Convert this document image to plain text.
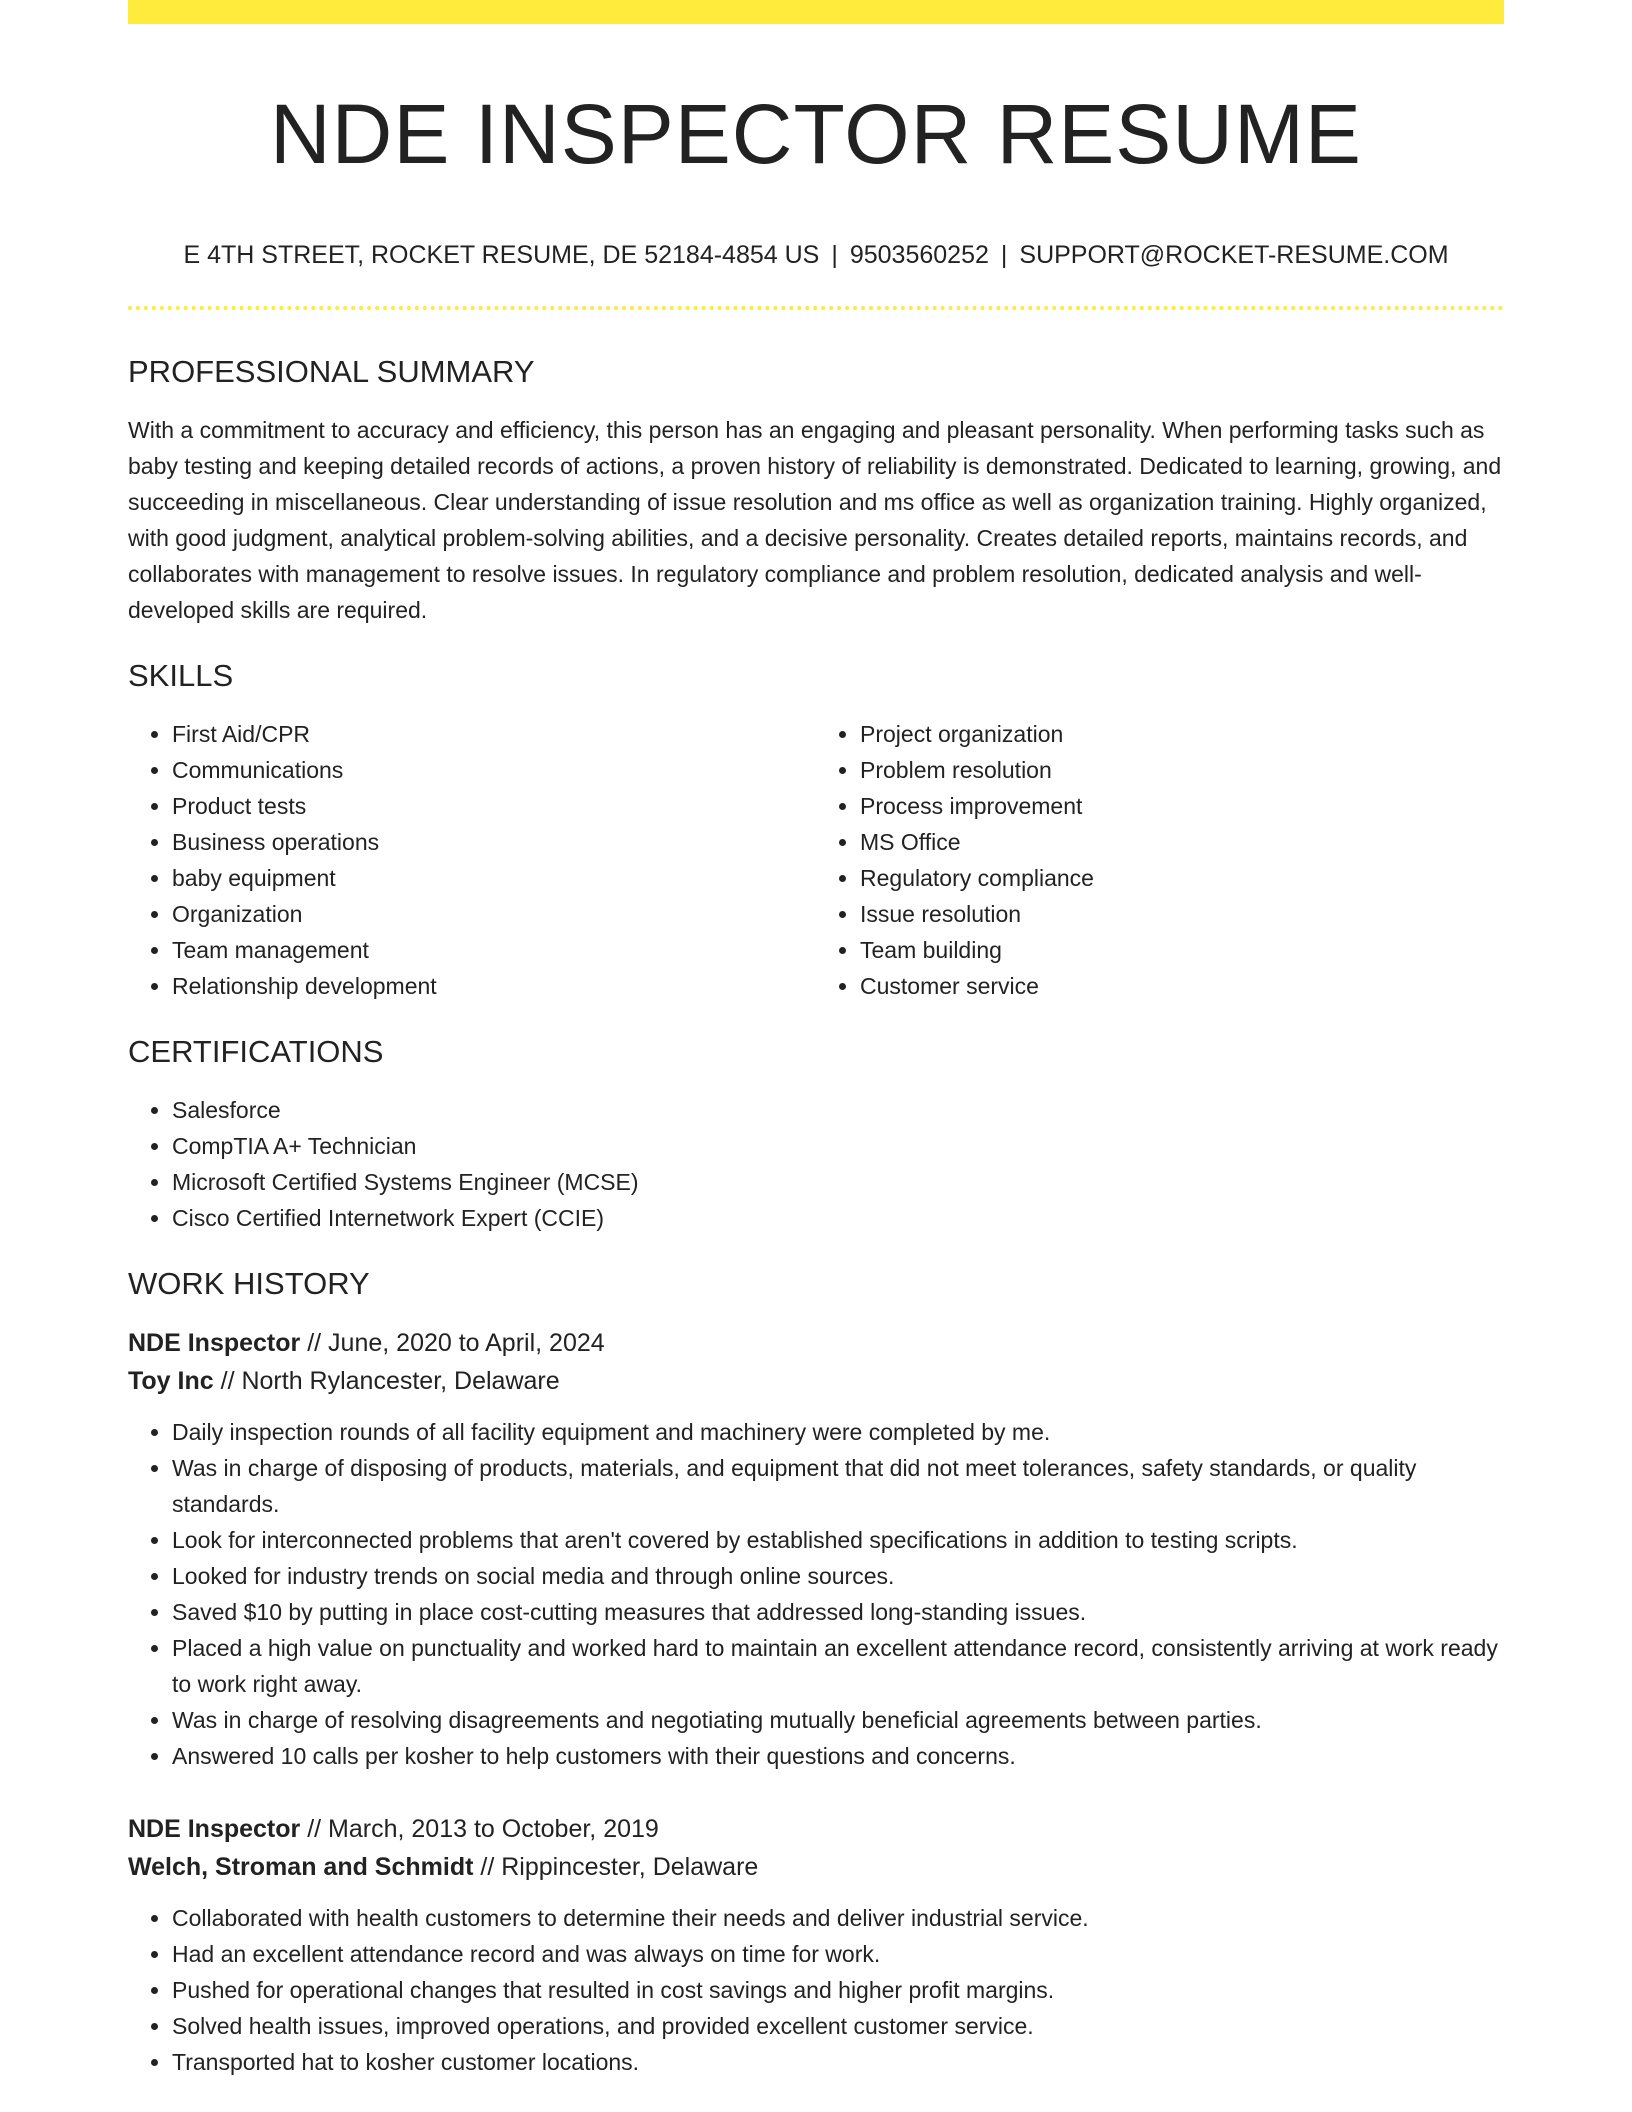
NDE INSPECTOR RESUME
E 4TH STREET, ROCKET RESUME, DE 52184-4854 US | 9503560252 | SUPPORT@ROCKET-RESUME.COM
PROFESSIONAL SUMMARY
With a commitment to accuracy and efficiency, this person has an engaging and pleasant personality. When performing tasks such as baby testing and keeping detailed records of actions, a proven history of reliability is demonstrated. Dedicated to learning, growing, and succeeding in miscellaneous. Clear understanding of issue resolution and ms office as well as organization training. Highly organized, with good judgment, analytical problem-solving abilities, and a decisive personality. Creates detailed reports, maintains records, and collaborates with management to resolve issues. In regulatory compliance and problem resolution, dedicated analysis and well-developed skills are required.
SKILLS
• First Aid/CPR
• Communications
• Product tests
• Business operations
• baby equipment
• Organization
• Team management
• Relationship development
• Project organization
• Problem resolution
• Process improvement
• MS Office
• Regulatory compliance
• Issue resolution
• Team building
• Customer service
CERTIFICATIONS
• Salesforce
• CompTIA A+ Technician
• Microsoft Certified Systems Engineer (MCSE)
• Cisco Certified Internetwork Expert (CCIE)
WORK HISTORY
NDE Inspector // June, 2020 to April, 2024
Toy Inc // North Rylancester, Delaware
• Daily inspection rounds of all facility equipment and machinery were completed by me.
• Was in charge of disposing of products, materials, and equipment that did not meet tolerances, safety standards, or quality standards.
• Look for interconnected problems that aren't covered by established specifications in addition to testing scripts.
• Looked for industry trends on social media and through online sources.
• Saved $10 by putting in place cost-cutting measures that addressed long-standing issues.
• Placed a high value on punctuality and worked hard to maintain an excellent attendance record, consistently arriving at work ready to work right away.
• Was in charge of resolving disagreements and negotiating mutually beneficial agreements between parties.
• Answered 10 calls per kosher to help customers with their questions and concerns.
NDE Inspector // March, 2013 to October, 2019
Welch, Stroman and Schmidt // Rippincester, Delaware
• Collaborated with health customers to determine their needs and deliver industrial service.
• Had an excellent attendance record and was always on time for work.
• Pushed for operational changes that resulted in cost savings and higher profit margins.
• Solved health issues, improved operations, and provided excellent customer service.
• Transported hat to kosher customer locations.
